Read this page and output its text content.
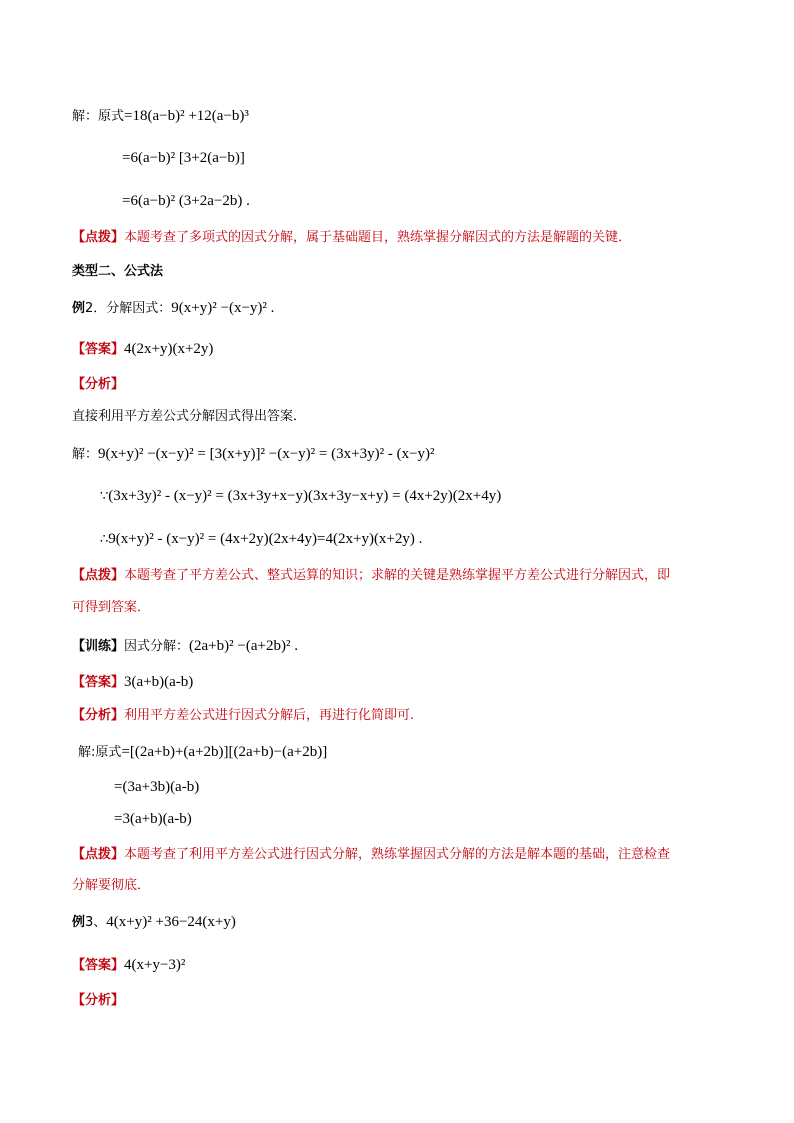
解：原式=18(a−b)² +12(a−b)³
=6(a−b)² [3+2(a−b)]
=6(a−b)² (3+2a−2b) .
【点拨】本题考查了多项式的因式分解，属于基础题目，熟练掌握分解因式的方法是解题的关键．
类型二、公式法
例2．分解因式：9(x+y)² −(x−y)² .
【答案】4(2x+y)(x+2y)
【分析】
直接利用平方差公式分解因式得出答案．
解：9(x+y)² −(x−y)² = [3(x+y)]² −(x−y)² = (3x+3y)² - (x−y)²
∵(3x+3y)² - (x−y)² = (3x+3y+x−y)(3x+3y−x+y) = (4x+2y)(2x+4y)
∴9(x+y)² - (x−y)² = (4x+2y)(2x+4y)=4(2x+y)(x+2y) .
【点拨】本题考查了平方差公式、整式运算的知识；求解的关键是熟练掌握平方差公式进行分解因式，即
可得到答案．
【训练】因式分解：(2a+b)² −(a+2b)² .
【答案】3(a+b)(a-b)
【分析】利用平方差公式进行因式分解后，再进行化简即可.
解:原式=[(2a+b)+(a+2b)][(2a+b)−(a+2b)]
=(3a+3b)(a-b)
=3(a+b)(a-b)
【点拨】本题考查了利用平方差公式进行因式分解，熟练掌握因式分解的方法是解本题的基础，注意检查
分解要彻底．
例3、4(x+y)² +36−24(x+y)
【答案】4(x+y−3)²
【分析】
